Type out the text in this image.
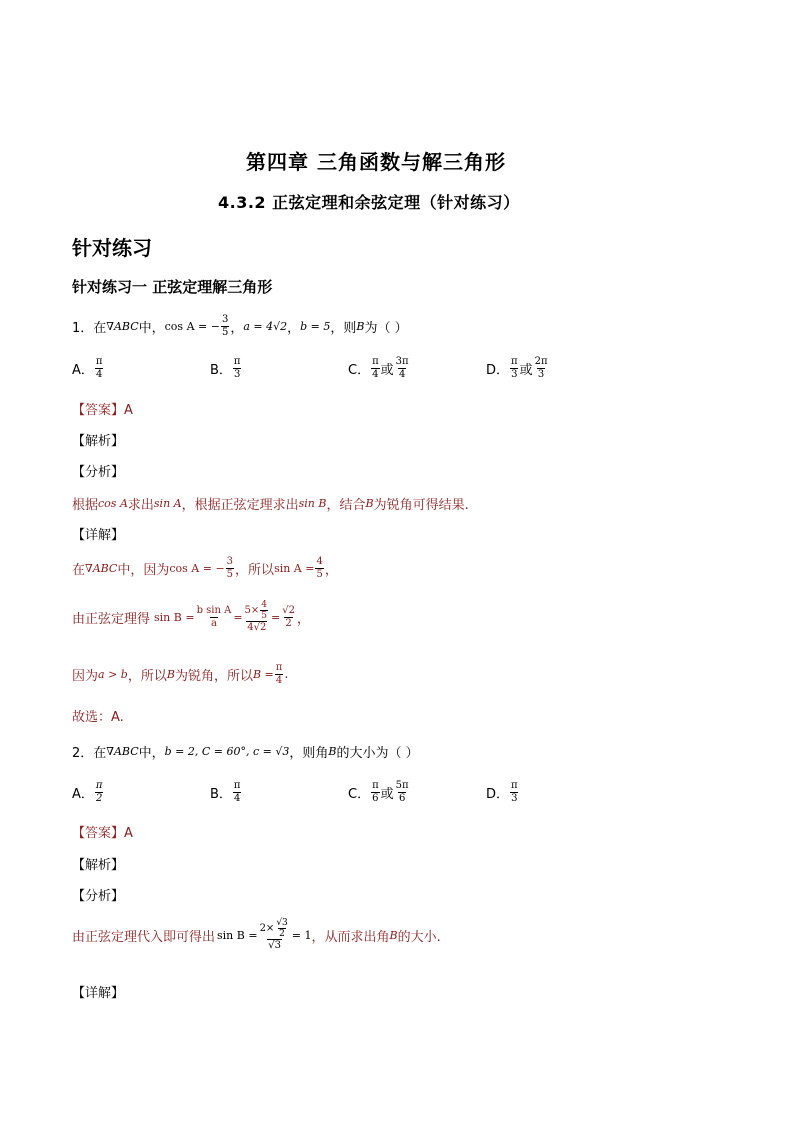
第四章 三角函数与解三角形
4.3.2 正弦定理和余弦定理（针对练习）
针对练习
针对练习一 正弦定理解三角形
1．在 ∇ABC 中， cos A = − $\frac{3}{5}$ ， a = 4√2 ， b = 5 ，则 B 为（ ）
A． $\frac{\pi}{4}$	B． $\frac{\pi}{3}$	C． $\frac{\pi}{4}$ 或 $\frac{3\pi}{4}$	D． $\frac{\pi}{3}$ 或 $\frac{2\pi}{3}$
【答案】A
【解析】
【分析】
根据 cos A 求出 sin A ，根据正弦定理求出 sin B ，结合 B 为锐角可得结果.
【详解】
在 ∇ABC 中，因为 cos A = − $\frac{3}{5}$ ，所以 $\sin A = \frac{4}{5}$ ，
由正弦定理得 $\sin B = \frac{\text{b sin A}}{a} = \frac{5\times \frac{4}{5}}{4√2} = \frac{√2}{2}$ ，
因为 a > b ，所以 B 为锐角，所以 $B = \frac{\pi}{4}$ .
故选：A.
2．在 ∇ABC 中， b = 2, C = 60°, c = √3 ，则角 B 的大小为（ ）
A． $\frac{\pi}{2}$	B． $\frac{\pi}{4}$	C． $\frac{\pi}{6}$ 或 $\frac{5\pi}{6}$	D． $\frac{\pi}{3}$
【答案】A
【解析】
【分析】
由正弦定理代入即可得出 $\sin B = \frac{2\times \frac{√3}{2}}{√3} = 1$ ，从而求出角 B 的大小.
【详解】
